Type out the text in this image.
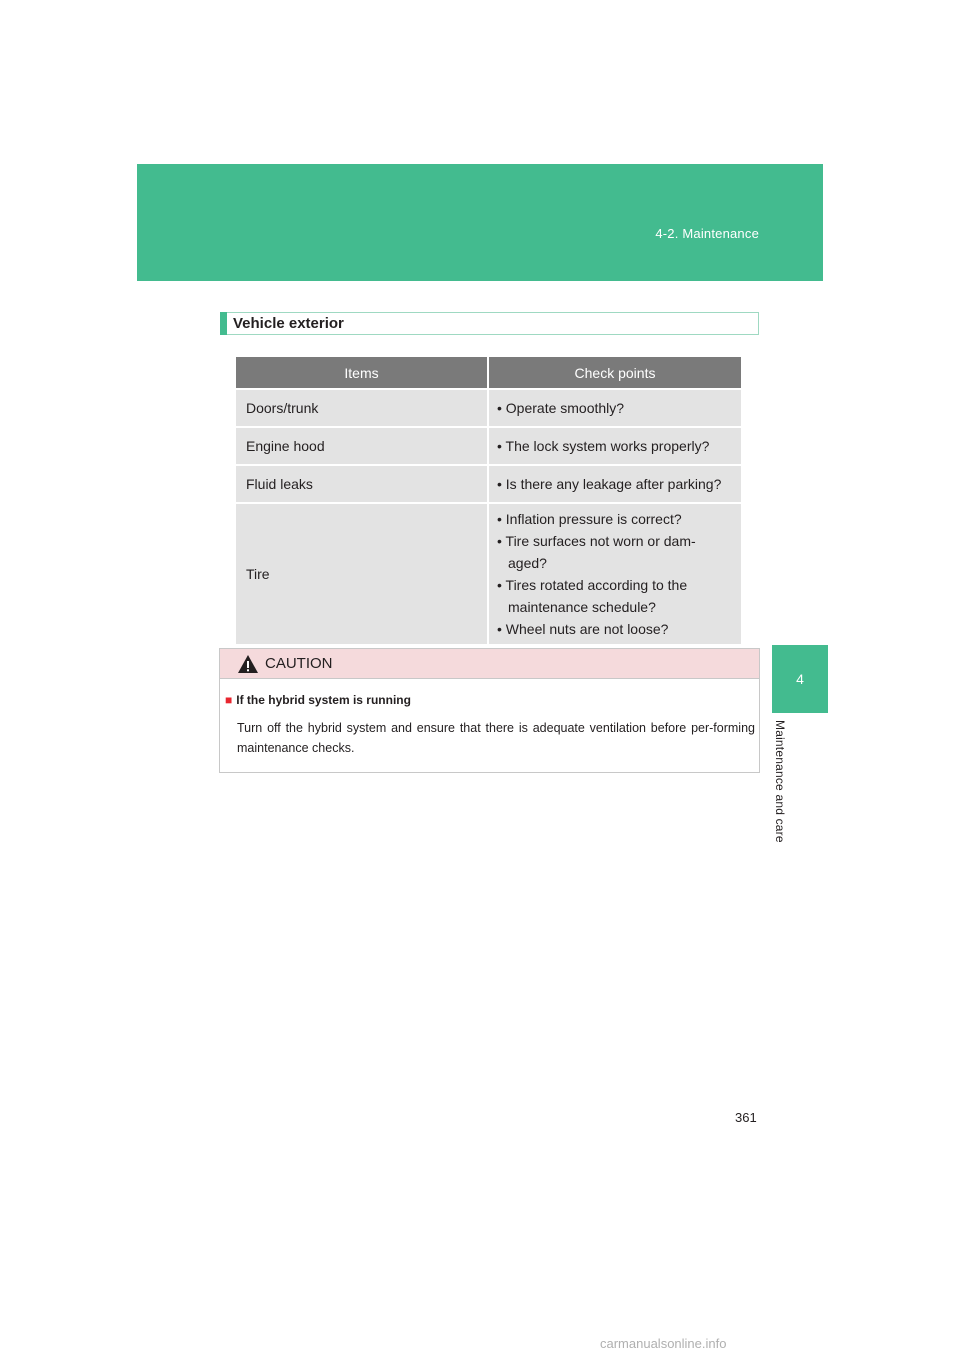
4-2. Maintenance
4
Maintenance and care
Vehicle exterior
Items	Check points
Doors/trunk	• Operate smoothly?

Engine hood	• The lock system works properly?

Fluid leaks	• Is there any leakage after parking?

Tire	• Inflation pressure is correct?
• Tire surfaces not worn or dam-aged?
• Tires rotated according to the maintenance schedule?
• Wheel nuts are not loose?
CAUTION
■ If the hybrid system is running
Turn off the hybrid system and ensure that there is adequate ventilation before per-forming maintenance checks.
361
carmanualsonline.info
